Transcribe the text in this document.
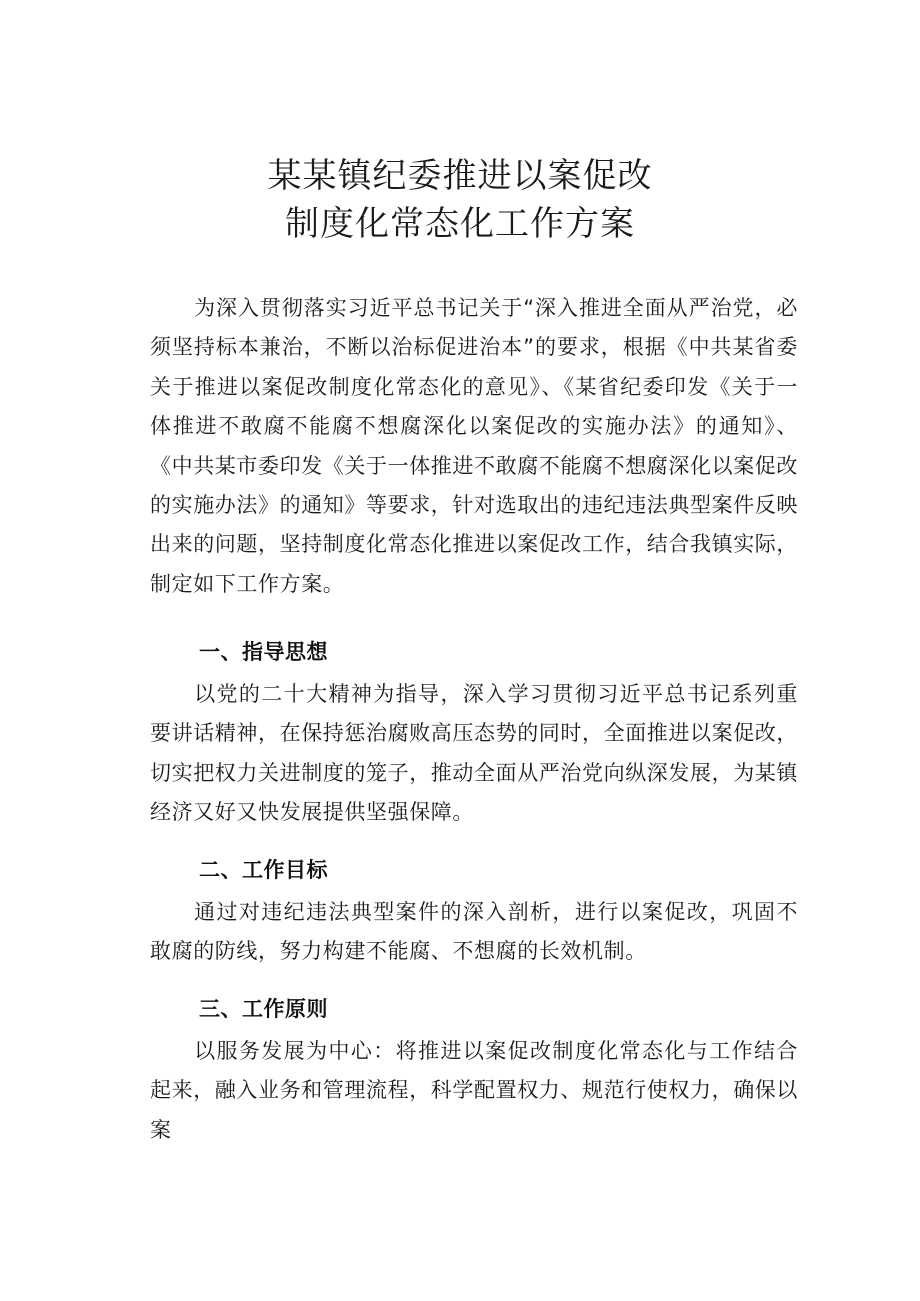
某某镇纪委推进以案促改
制度化常态化工作方案

为深入贯彻落实习近平总书记关于“深入推进全面从严治党，必须坚持标本兼治，不断以治标促进治本”的要求，根据《中共某省委关于推进以案促改制度化常态化的意见》、《某省纪委印发《关于一体推进不敢腐不能腐不想腐深化以案促改的实施办法》的通知》、《中共某市委印发《关于一体推进不敢腐不能腐不想腐深化以案促改的实施办法》的通知》等要求，针对选取出的违纪违法典型案件反映出来的问题，坚持制度化常态化推进以案促改工作，结合我镇实际，制定如下工作方案。

一、指导思想

以党的二十大精神为指导，深入学习贯彻习近平总书记系列重要讲话精神，在保持惩治腐败高压态势的同时，全面推进以案促改，切实把权力关进制度的笼子，推动全面从严治党向纵深发展，为某镇经济又好又快发展提供坚强保障。

二、工作目标

通过对违纪违法典型案件的深入剖析，进行以案促改，巩固不敢腐的防线，努力构建不能腐、不想腐的长效机制。

三、工作原则

以服务发展为中心：将推进以案促改制度化常态化与工作结合起来，融入业务和管理流程，科学配置权力、规范行使权力，确保以案
